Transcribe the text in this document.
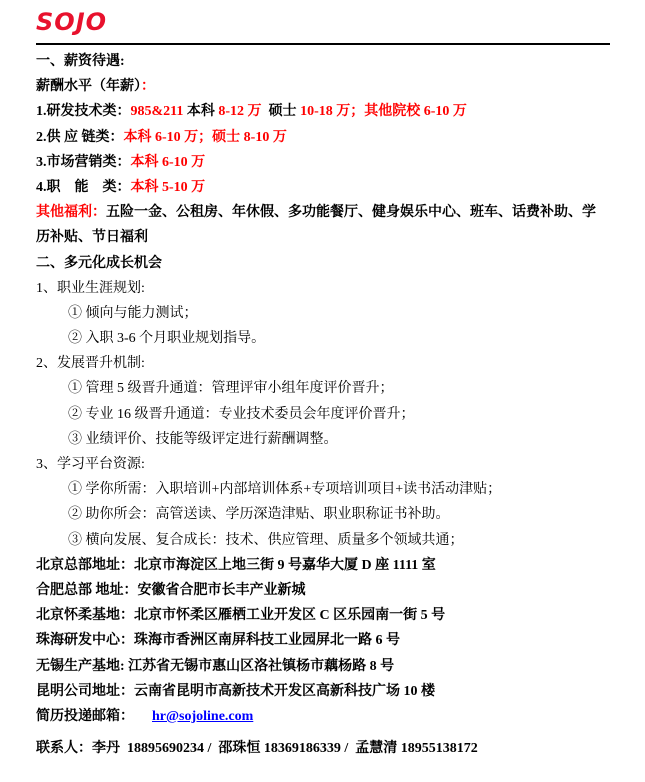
SOJO
一、薪资待遇:
薪酬水平（年薪）：
1.研发技术类：985&211 本科 8-12 万  硕士 10-18 万；其他院校 6-10 万
2.供 应 链类：本科 6-10 万；硕士 8-10 万
3.市场营销类：本科 6-10 万
4.职　能　类：本科 5-10 万
其他福利：五险一金、公租房、年休假、多功能餐厅、健身娱乐中心、班车、话费补助、学
历补贴、节日福利
二、多元化成长机会
1、职业生涯规划:
① 倾向与能力测试；
② 入职 3-6 个月职业规划指导。
2、发展晋升机制:
① 管理 5 级晋升通道：管理评审小组年度评价晋升；
② 专业 16 级晋升通道：专业技术委员会年度评价晋升；
③ 业绩评价、技能等级评定进行薪酬调整。
3、学习平台资源:
① 学你所需：入职培训+内部培训体系+专项培训项目+读书活动津贴；
② 助你所会：高管送读、学历深造津贴、职业职称证书补助。
③ 横向发展、复合成长：技术、供应管理、质量多个领域共通；
北京总部地址：北京市海淀区上地三街 9 号嘉华大厦 D 座 1111 室
合肥总部 地址：安徽省合肥市长丰产业新城
北京怀柔基地：北京市怀柔区雁栖工业开发区 C 区乐园南一街 5 号
珠海研发中心：珠海市香洲区南屏科技工业园屏北一路 6 号
无锡生产基地: 江苏省无锡市惠山区洛社镇杨市藕杨路 8 号
昆明公司地址：云南省昆明市高新技术开发区高新科技广场 10 楼
简历投递邮箱： hr@sojoline.com
联系人：李丹  18895690234 /  邵珠恒 18369186339 /  孟慧清 18955138172
